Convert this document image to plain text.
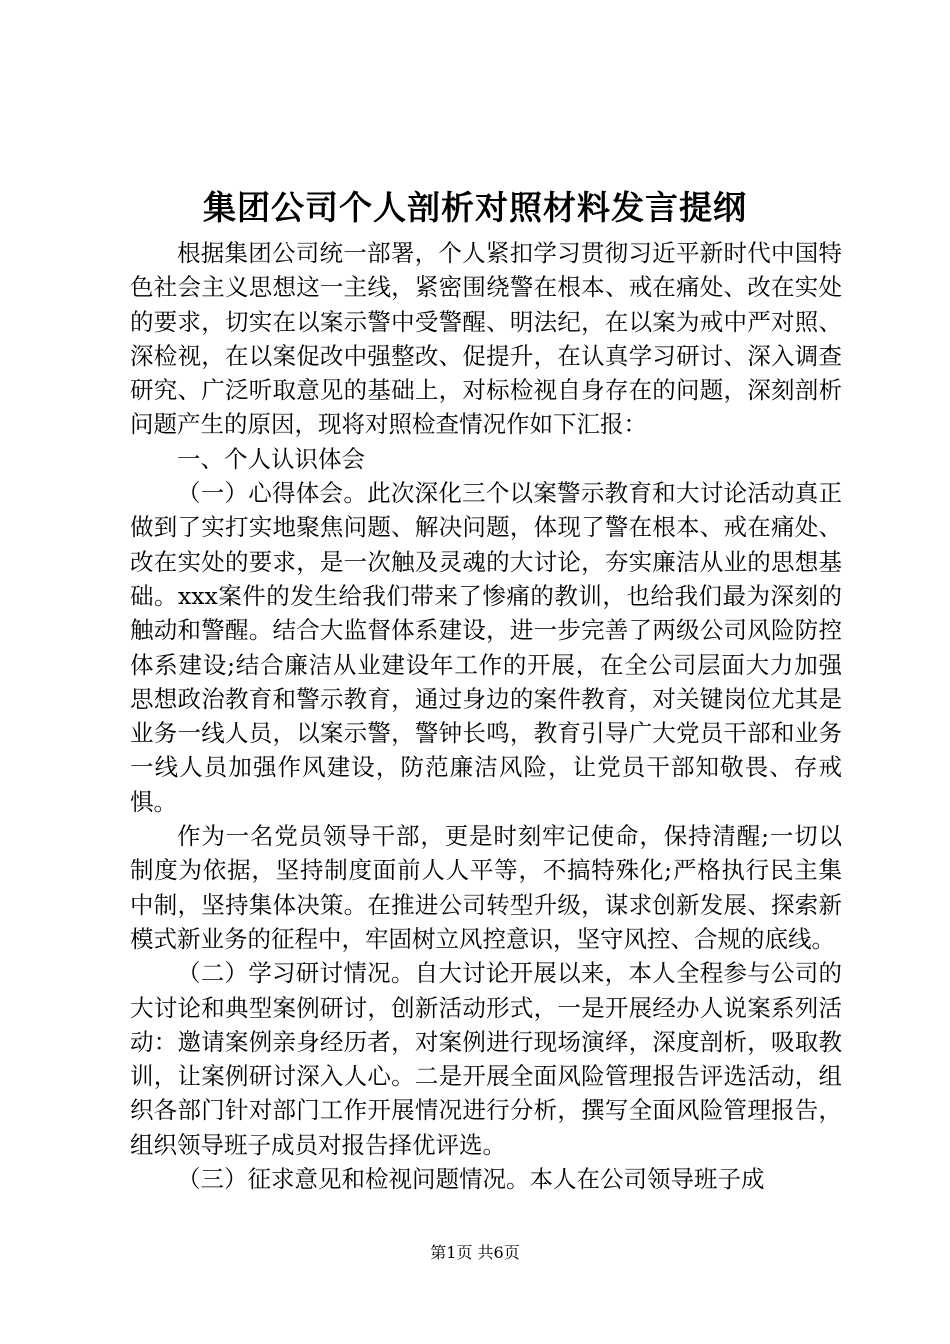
集团公司个人剖析对照材料发言提纲

根据集团公司统一部署，个人紧扣学习贯彻习近平新时代中国特色社会主义思想这一主线，紧密围绕警在根本、戒在痛处、改在实处的要求，切实在以案示警中受警醒、明法纪，在以案为戒中严对照、深检视，在以案促改中强整改、促提升，在认真学习研讨、深入调查研究、广泛听取意见的基础上，对标检视自身存在的问题，深刻剖析问题产生的原因，现将对照检查情况作如下汇报：

一、个人认识体会

（一）心得体会。此次深化三个以案警示教育和大讨论活动真正做到了实打实地聚焦问题、解决问题，体现了警在根本、戒在痛处、改在实处的要求，是一次触及灵魂的大讨论，夯实廉洁从业的思想基础。xxx案件的发生给我们带来了惨痛的教训，也给我们最为深刻的触动和警醒。结合大监督体系建设，进一步完善了两级公司风险防控体系建设;结合廉洁从业建设年工作的开展，在全公司层面大力加强思想政治教育和警示教育，通过身边的案件教育，对关键岗位尤其是业务一线人员，以案示警，警钟长鸣，教育引导广大党员干部和业务一线人员加强作风建设，防范廉洁风险，让党员干部知敬畏、存戒惧。

作为一名党员领导干部，更是时刻牢记使命，保持清醒;一切以制度为依据，坚持制度面前人人平等，不搞特殊化;严格执行民主集中制，坚持集体决策。在推进公司转型升级，谋求创新发展、探索新模式新业务的征程中，牢固树立风控意识，坚守风控、合规的底线。

（二）学习研讨情况。自大讨论开展以来，本人全程参与公司的大讨论和典型案例研讨，创新活动形式，一是开展经办人说案系列活动：邀请案例亲身经历者，对案例进行现场演绎，深度剖析，吸取教训，让案例研讨深入人心。二是开展全面风险管理报告评选活动，组织各部门针对部门工作开展情况进行分析，撰写全面风险管理报告，组织领导班子成员对报告择优评选。

（三）征求意见和检视问题情况。本人在公司领导班子成

第1页 共6页
